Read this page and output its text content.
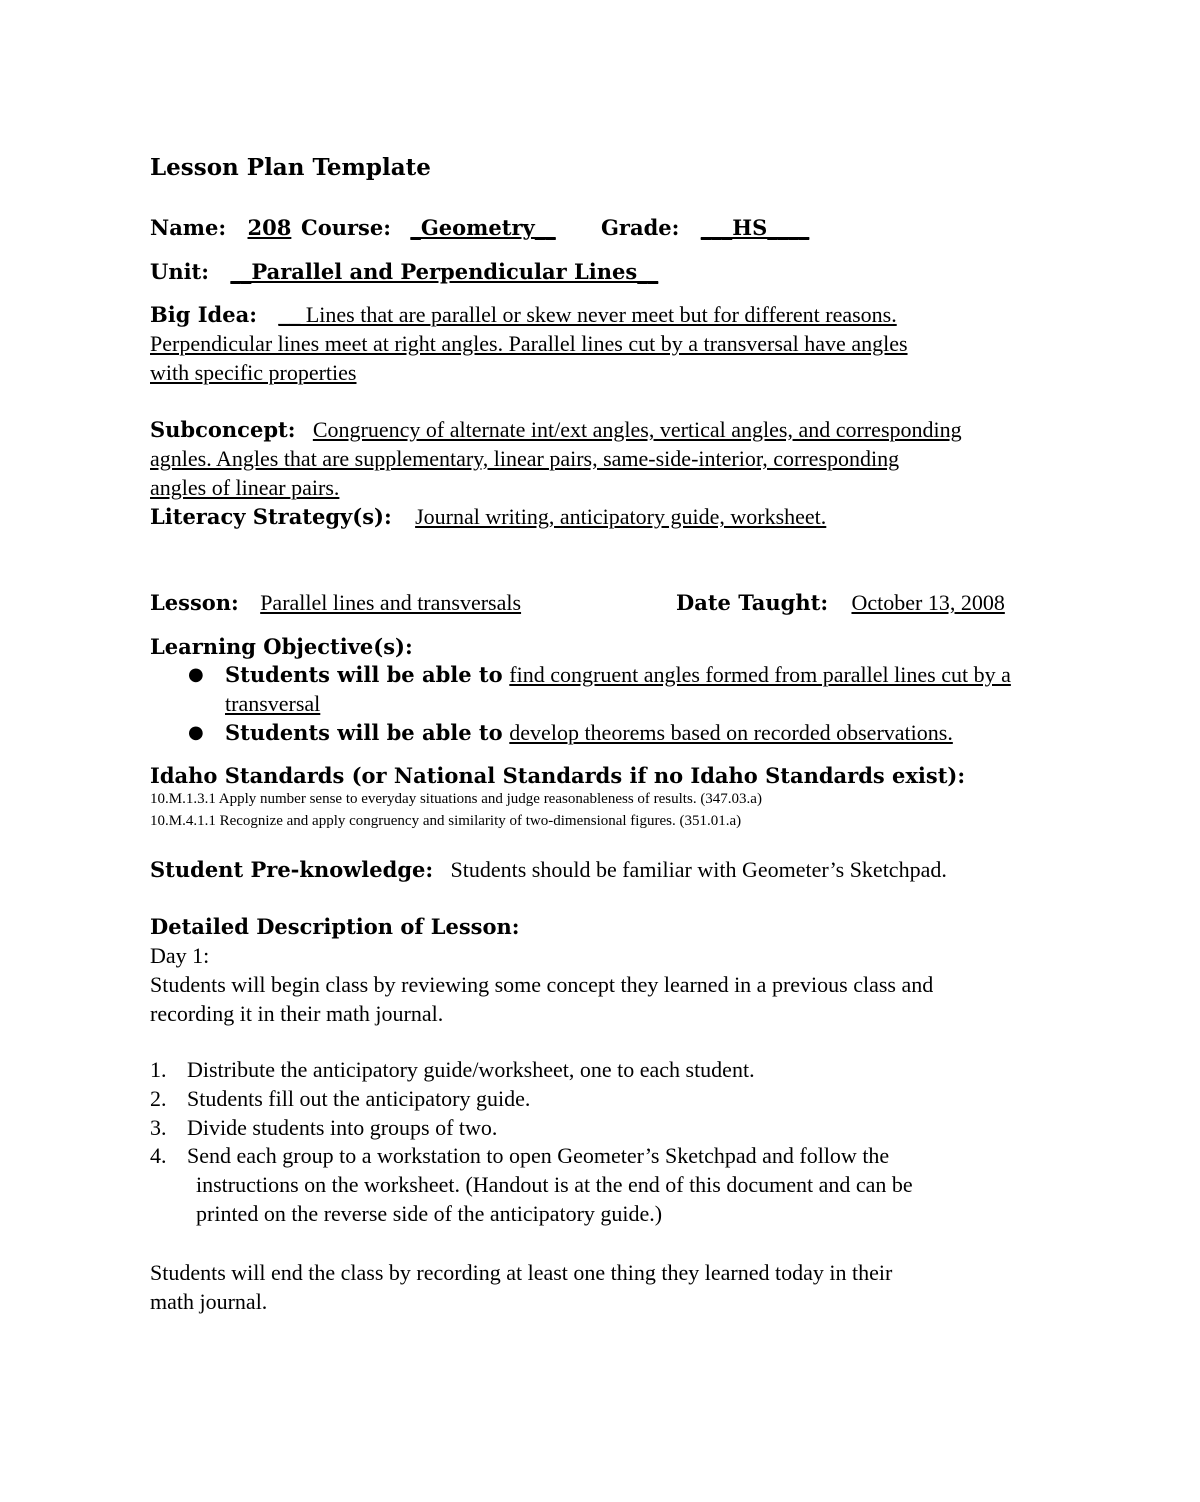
Lesson Plan Template
Name: 208 Course: _Geometry__ Grade: ___HS____
Unit: __Parallel and Perpendicular Lines__
Big Idea: __ Lines that are parallel or skew never meet but for different reasons.
Perpendicular lines meet at right angles. Parallel lines cut by a transversal have angles
with specific properties
Subconcept: Congruency of alternate int/ext angles, vertical angles, and corresponding
agnles. Angles that are supplementary, linear pairs, same-side-interior, corresponding
angles of linear pairs.
Literacy Strategy(s): Journal writing, anticipatory guide, worksheet.
Lesson: Parallel lines and transversals	Date Taught: October 13, 2008
Learning Objective(s):
● Students will be able to find congruent angles formed from parallel lines cut by a
transversal
● Students will be able to develop theorems based on recorded observations.
Idaho Standards (or National Standards if no Idaho Standards exist):
10.M.1.3.1 Apply number sense to everyday situations and judge reasonableness of results. (347.03.a)
10.M.4.1.1 Recognize and apply congruency and similarity of two-dimensional figures. (351.01.a)
Student Pre-knowledge: Students should be familiar with Geometer’s Sketchpad.
Detailed Description of Lesson:
Day 1:
Students will begin class by reviewing some concept they learned in a previous class and
recording it in their math journal.
1. Distribute the anticipatory guide/worksheet, one to each student.
2. Students fill out the anticipatory guide.
3. Divide students into groups of two.
4. Send each group to a workstation to open Geometer’s Sketchpad and follow the
instructions on the worksheet. (Handout is at the end of this document and can be
printed on the reverse side of the anticipatory guide.)
Students will end the class by recording at least one thing they learned today in their
math journal.
